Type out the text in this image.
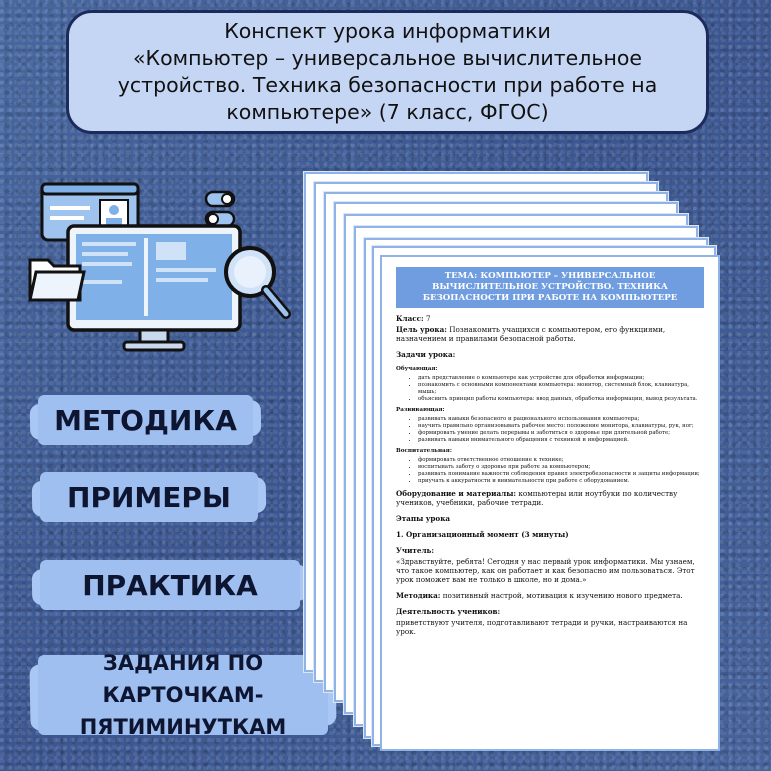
Конспект урока информатики
«Компьютер – универсальное вычислительное
устройство. Техника безопасности при работе на
компьютере» (7 класс, ФГОС)
МЕТОДИКА
ПРИМЕРЫ
ПРАКТИКА
ЗАДАНИЯ ПО КАРТОЧКАМ-
ПЯТИМИНУТКАМ
ТЕМА: КОМПЬЮТЕР – УНИВЕРСАЛЬНОЕ ВЫЧИСЛИТЕЛЬНОЕ УСТРОЙСТВО. ТЕХНИКА БЕЗОПАСНОСТИ ПРИ РАБОТЕ НА КОМПЬЮТЕРЕ

Класс: 7

Цель урока: Познакомить учащихся с компьютером, его функциями, назначением и правилами безопасной работы.

Задачи урока:

Обучающая:

• дать представление о компьютере как устройстве для обработки информации;
• познакомить с основными компонентами компьютера: монитор, системный блок, клавиатура, мышь;
• объяснить принцип работы компьютера: ввод данных, обработка информации, вывод результата.

Развивающая:

• развивать навыки безопасного и рационального использования компьютера;
• научить правильно организовывать рабочее место: положение монитора, клавиатуры, рук, ног;
• формировать умение делать перерывы и заботиться о здоровье при длительной работе;
• развивать навыки внимательного обращения с техникой и информацией.

Воспитательная:

• формировать ответственное отношение к технике;
• воспитывать заботу о здоровье при работе за компьютером;
• развивать понимание важности соблюдения правил электробезопасности и защиты информации;
• приучать к аккуратности и внимательности при работе с оборудованием.

Оборудование и материалы: компьютеры или ноутбуки по количеству учеников, учебники, рабочие тетради.

Этапы урока

1. Организационный момент (3 минуты)

Учитель:

«Здравствуйте, ребята! Сегодня у нас первый урок информатики. Мы узнаем, что такое компьютер, как он работает и как безопасно им пользоваться. Этот урок поможет вам не только в школе, но и дома.»

Методика: позитивный настрой, мотивация к изучению нового предмета.

Деятельность учеников:

приветствуют учителя, подготавливают тетради и ручки, настраиваются на урок.
